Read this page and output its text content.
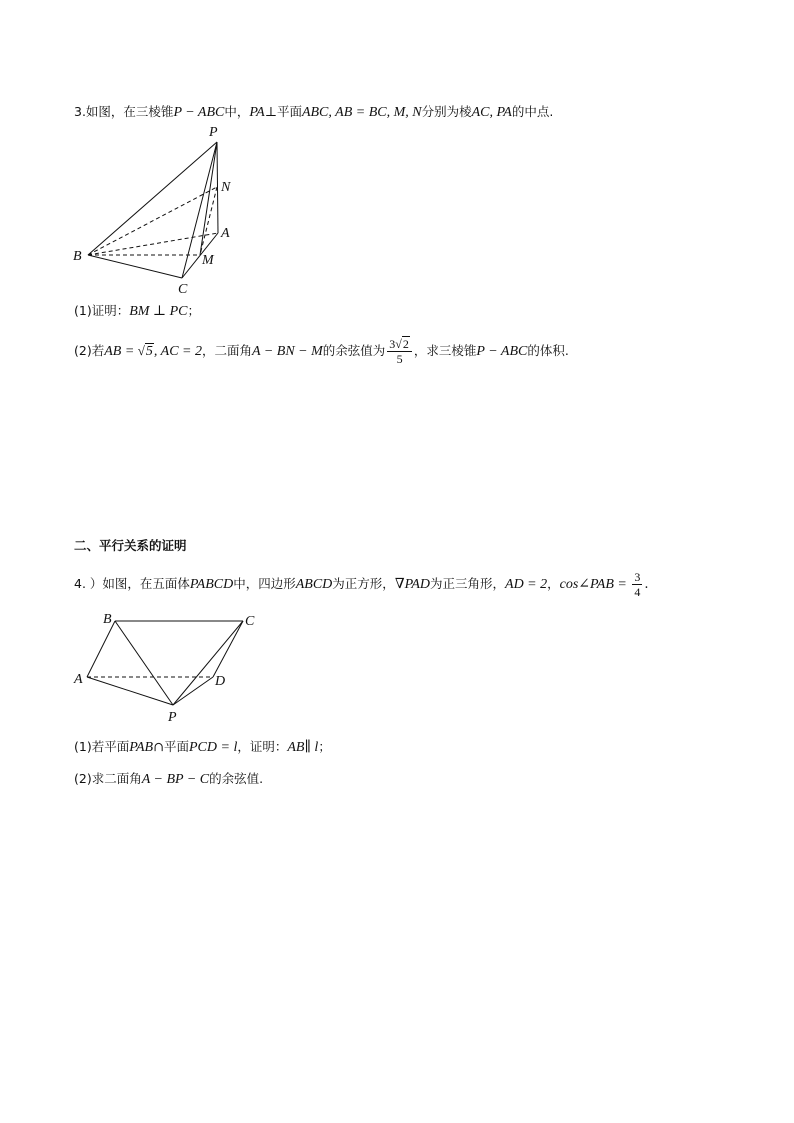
3.如图，在三棱锥P − ABC中，PA⊥平面ABC, AB = BC, M, N分别为棱AC, PA的中点.
P
N
A
B	M
C
(1)证明：BM ⊥ PC；
(2)若AB = √5, AC = 2，二面角A − BN − M的余弦值为 $\frac{3√2}{5}$ ，求三棱锥P − ABC的体积.
二、平行关系的证明
4. ）如图，在五面体PABCD中，四边形ABCD为正方形，∇PAD为正三角形，AD = 2，cos∠PAB = $\frac{3}{4}$ .
B	C
A	D
P
(1)若平面PAB∩平面PCD = l，证明：AB∥ l；
(2)求二面角A − BP − C的余弦值.
